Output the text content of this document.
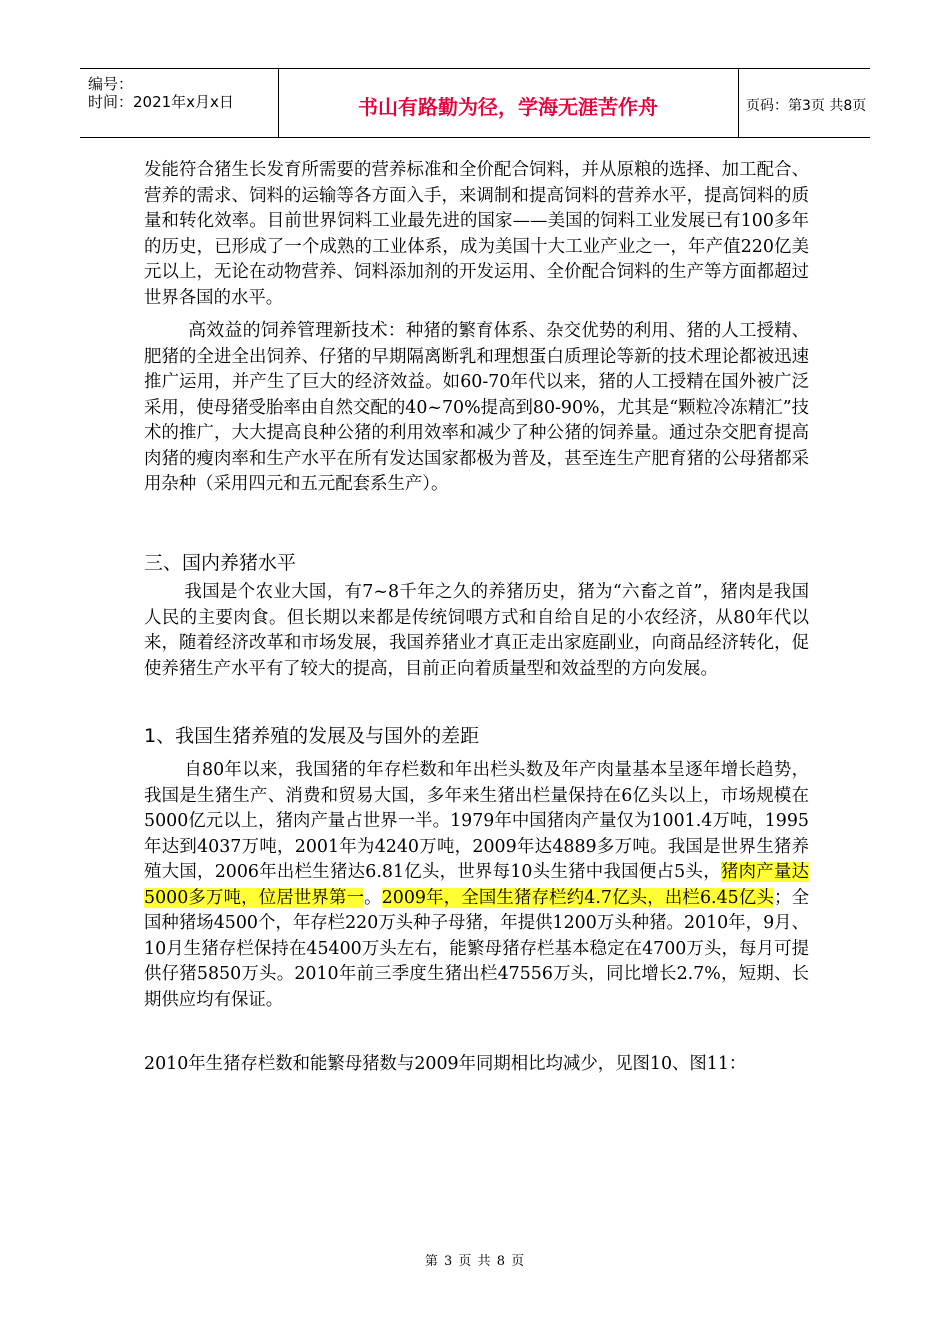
编号：
时间：2021年x月x日	书山有路勤为径，学海无涯苦作舟	页码：第3页 共8页

发能符合猪生长发育所需要的营养标准和全价配合饲料，并从原粮的选择、加工配合、营养的需求、饲料的运输等各方面入手，来调制和提高饲料的营养水平，提高饲料的质量和转化效率。目前世界饲料工业最先进的国家——美国的饲料工业发展已有100多年的历史，已形成了一个成熟的工业体系，成为美国十大工业产业之一，年产值220亿美元以上，无论在动物营养、饲料添加剂的开发运用、全价配合饲料的生产等方面都超过世界各国的水平。

高效益的饲养管理新技术：种猪的繁育体系、杂交优势的利用、猪的人工授精、肥猪的全进全出饲养、仔猪的早期隔离断乳和理想蛋白质理论等新的技术理论都被迅速推广运用，并产生了巨大的经济效益。如60-70年代以来，猪的人工授精在国外被广泛采用，使母猪受胎率由自然交配的40~70%提高到80-90%，尤其是“颗粒冷冻精汇”技术的推广，大大提高良种公猪的利用效率和减少了种公猪的饲养量。通过杂交肥育提高肉猪的瘦肉率和生产水平在所有发达国家都极为普及，甚至连生产肥育猪的公母猪都采用杂种（采用四元和五元配套系生产）。

三、国内养猪水平

我国是个农业大国，有7~8千年之久的养猪历史，猪为“六畜之首”，猪肉是我国人民的主要肉食。但长期以来都是传统饲喂方式和自给自足的小农经济，从80年代以来，随着经济改革和市场发展，我国养猪业才真正走出家庭副业，向商品经济转化，促使养猪生产水平有了较大的提高，目前正向着质量型和效益型的方向发展。

1、我国生猪养殖的发展及与国外的差距

自80年以来，我国猪的年存栏数和年出栏头数及年产肉量基本呈逐年增长趋势，我国是生猪生产、消费和贸易大国，多年来生猪出栏量保持在6亿头以上，市场规模在5000亿元以上，猪肉产量占世界一半。1979年中国猪肉产量仅为1001.4万吨，1995年达到4037万吨，2001年为4240万吨，2009年达4889多万吨。我国是世界生猪养殖大国，2006年出栏生猪达6.81亿头，世界每10头生猪中我国便占5头，猪肉产量达5000多万吨，位居世界第一。2009年，全国生猪存栏约4.7亿头，出栏6.45亿头；全国种猪场4500个，年存栏220万头种子母猪，年提供1200万头种猪。2010年，9月、10月生猪存栏保持在45400万头左右，能繁母猪存栏基本稳定在4700万头，每月可提供仔猪5850万头。2010年前三季度生猪出栏47556万头，同比增长2.7%，短期、长期供应均有保证。

2010年生猪存栏数和能繁母猪数与2009年同期相比均减少，见图10、图11：

第 3 页 共 8 页
